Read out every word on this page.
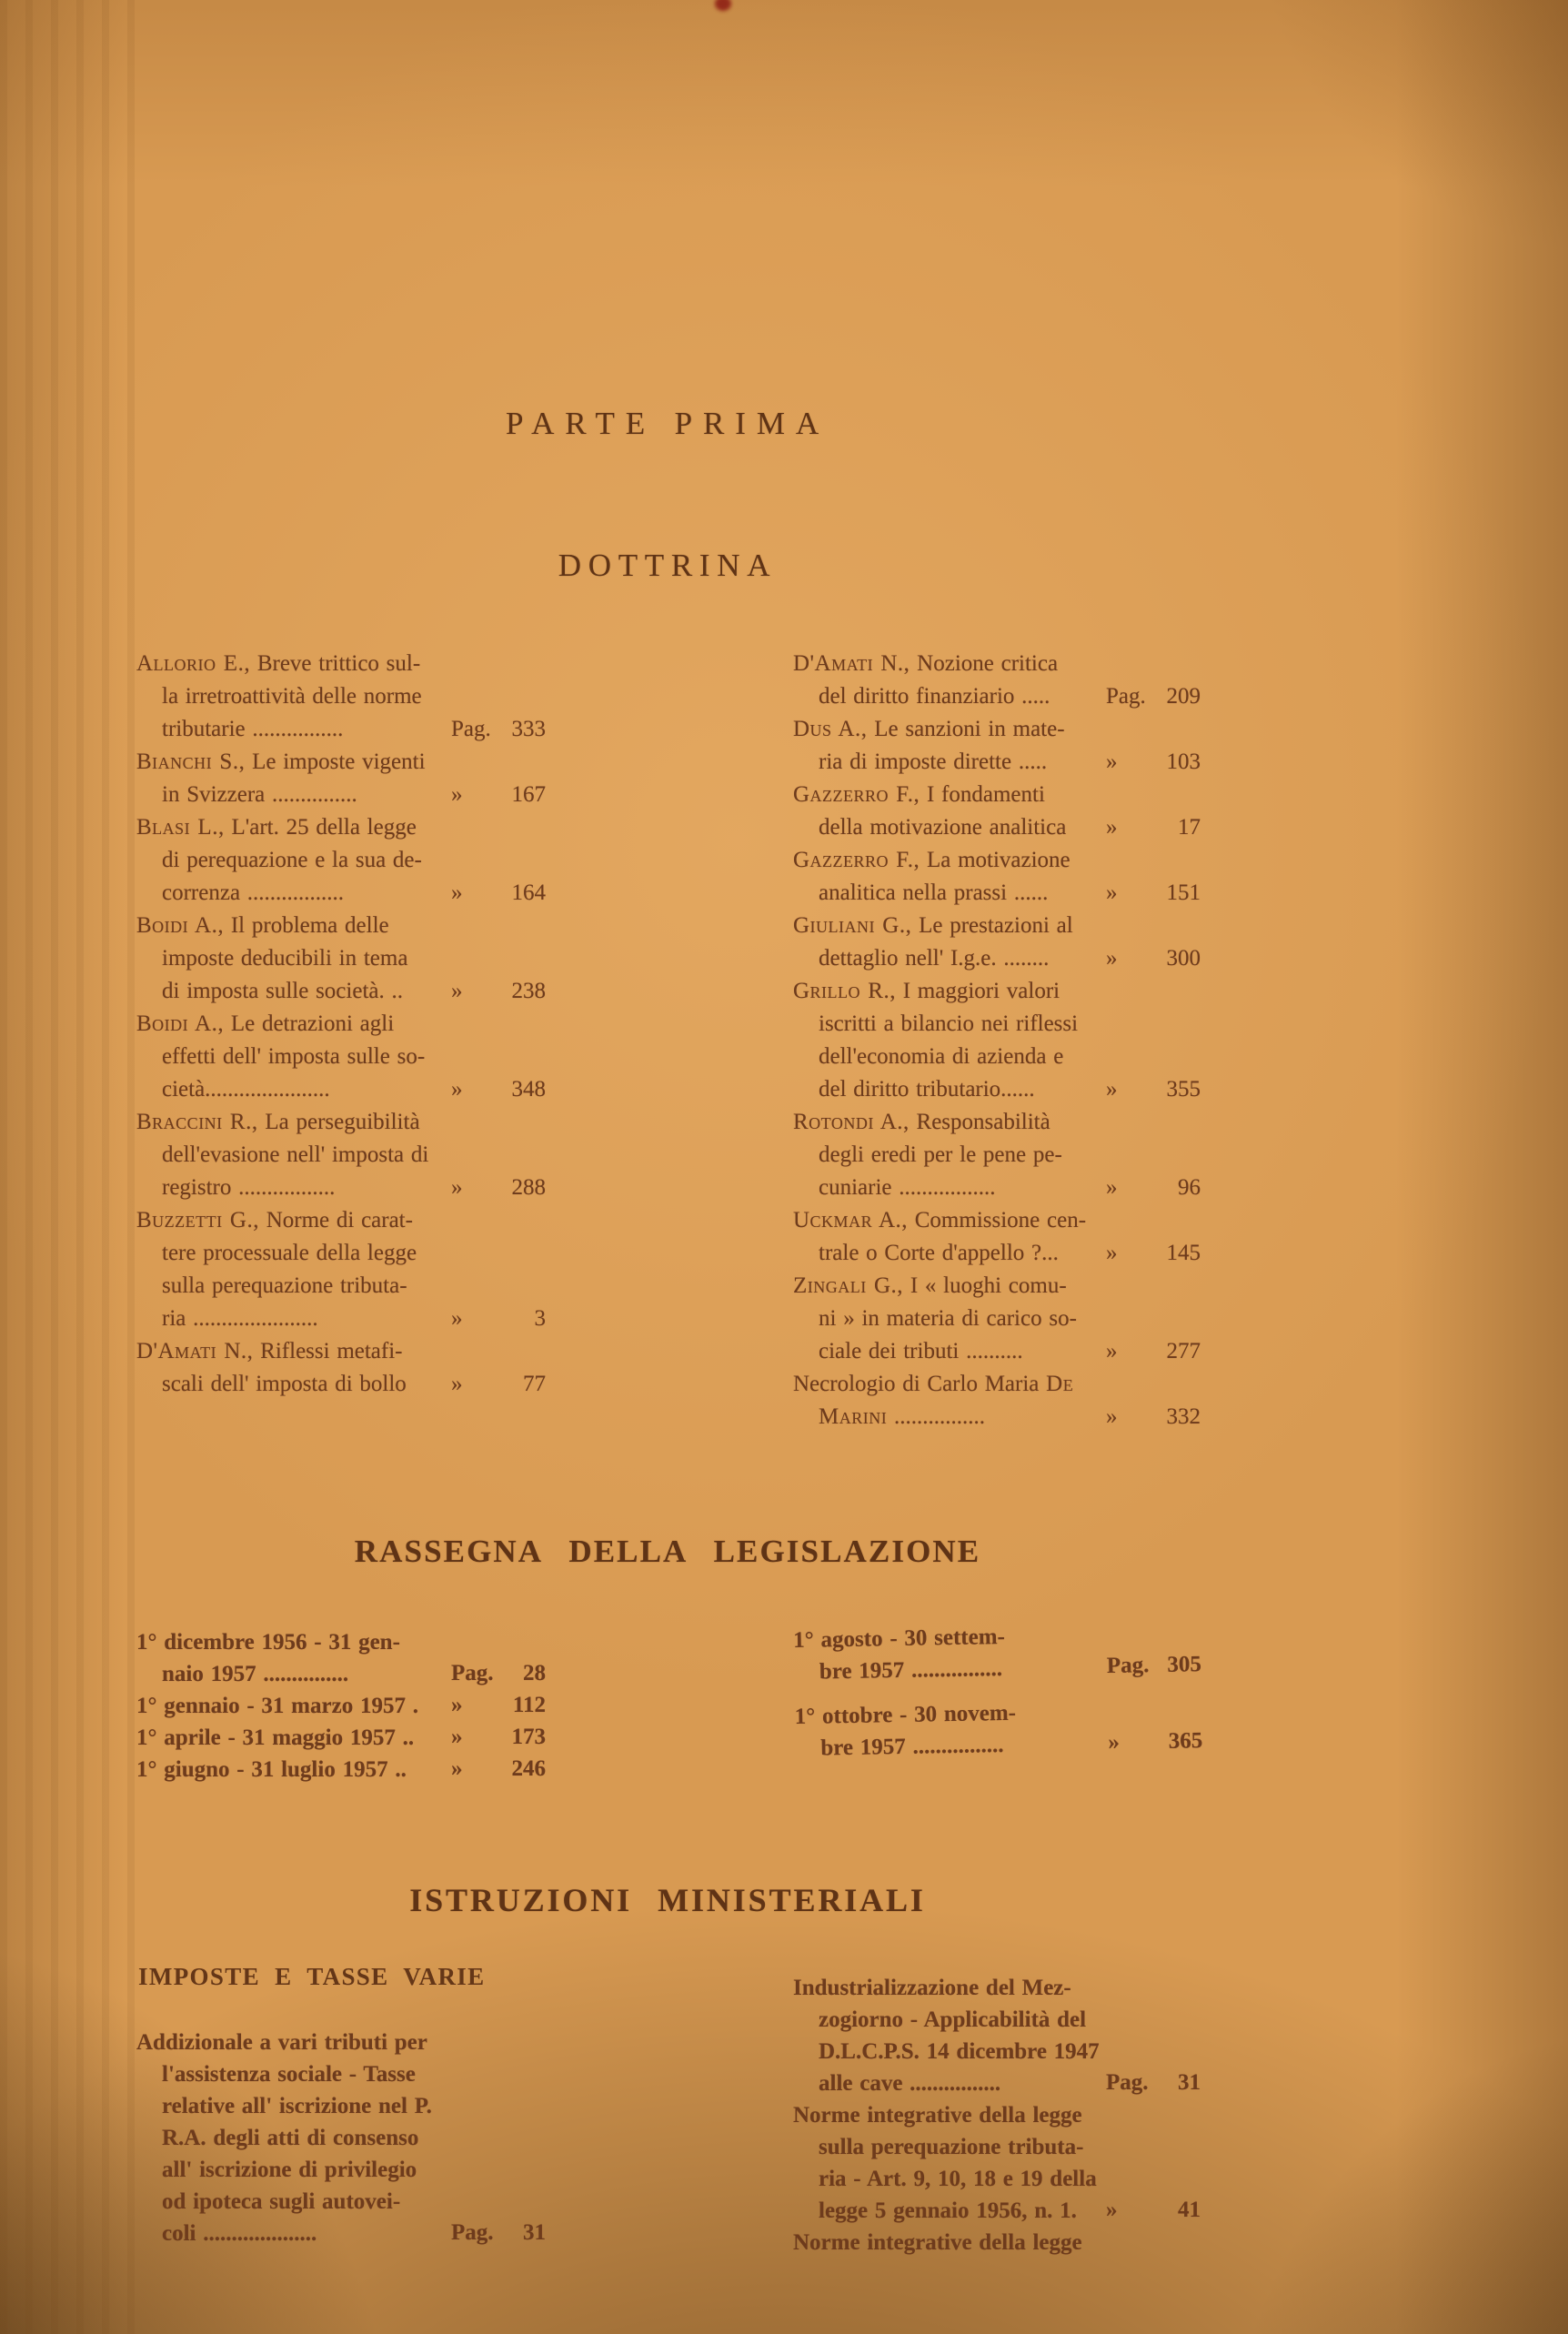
PARTE PRIMA
DOTTRINA
Allorio E., Breve trittico sul-
la irretroattività delle norme
tributarie ................	Pag. 333
Bianchi S., Le imposte vigenti
in Svizzera ...............	» 167
Blasi L., L'art. 25 della legge
di perequazione e la sua de-
correnza .................	» 164
Boidi A., Il problema delle
imposte deducibili in tema
di imposta sulle società. ..	» 238
Boidi A., Le detrazioni agli
effetti dell' imposta sulle so-
cietà......................	» 348
Braccini R., La perseguibilità
dell'evasione nell' imposta di
registro .................	» 288
Buzzetti G., Norme di carat-
tere processuale della legge
sulla perequazione tributa-
ria ......................	»	3
D'Amati N., Riflessi metafi-
scali dell' imposta di bollo	»	77
D'Amati N., Nozione critica
del diritto finanziario .....	Pag. 209
Dus A., Le sanzioni in mate-
ria di imposte dirette .....	» 103
Gazzerro F., I fondamenti
della motivazione analitica	»	17
Gazzerro F., La motivazione
analitica nella prassi ......	» 151
Giuliani G., Le prestazioni al
dettaglio nell' I.g.e. ........	» 300
Grillo R., I maggiori valori
iscritti a bilancio nei riflessi
dell'economia di azienda e
del diritto tributario......	» 355
Rotondi A., Responsabilità
degli eredi per le pene pe-
cuniarie .................	»	96
Uckmar A., Commissione cen-
trale o Corte d'appello ?...	» 145
Zingali G., I « luoghi comu-
ni » in materia di carico so-
ciale dei tributi ..........	» 277
Necrologio di Carlo Maria De
Marini ................	» 332
RASSEGNA DELLA LEGISLAZIONE
1° dicembre 1956 - 31 gen-
naio 1957 ...............	Pag. 28
1° gennaio - 31 marzo 1957 .	» 112
1° aprile - 31 maggio 1957 ..	» 173
1° giugno - 31 luglio 1957 ..	» 246
1° agosto - 30 settem-
bre 1957 ................	Pag. 305
1° ottobre - 30 novem-
bre 1957 ................	» 365
ISTRUZIONI MINISTERIALI
IMPOSTE E TASSE VARIE
Addizionale a vari tributi per
l'assistenza sociale - Tasse
relative all' iscrizione nel P.
R.A. degli atti di consenso
all' iscrizione di privilegio
od ipoteca sugli autovei-
coli ....................	Pag. 31
Industrializzazione del Mez-
zogiorno - Applicabilità del
D.L.C.P.S. 14 dicembre 1947
alle cave ................	Pag. 31
Norme integrative della legge
sulla perequazione tributa-
ria - Art. 9, 10, 18 e 19 della
legge 5 gennaio 1956, n. 1.	»	41
Norme integrative della legge
